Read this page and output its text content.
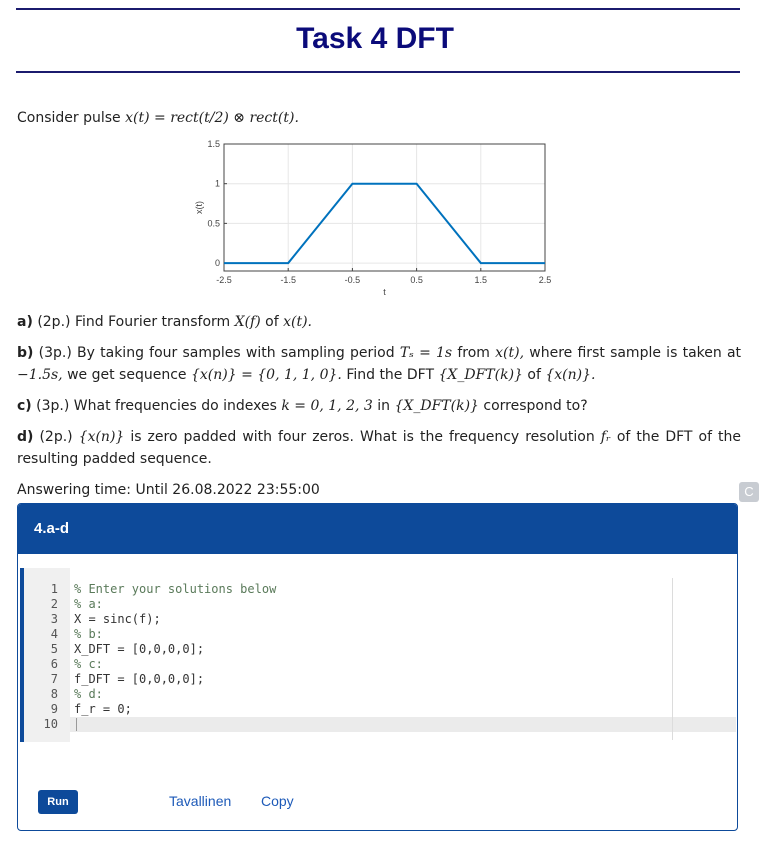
Task 4 DFT
Consider pulse x(t) = rect(t/2) ⊗ rect(t).
-2.5	-1.5	-0.5	0.5	1.5	2.5
0
0.5
1
1.5
t
x(t)
a) (2p.) Find Fourier transform X(f) of x(t).
b) (3p.) By taking four samples with sampling period Tₛ = 1s from x(t), where first sample is taken at −1.5s, we get sequence {x(n)} = {0, 1, 1, 0}. Find the DFT {X_DFT(k)} of {x(n)}.
c) (3p.) What frequencies do indexes k = 0, 1, 2, 3 in {X_DFT(k)} correspond to?
d) (2p.) {x(n)} is zero padded with four zeros. What is the frequency resolution fᵣ of the DFT of the resulting padded sequence.
Answering time: Until 26.08.2022 23:55:00	C
4.a-d
1
2
3
4
5
6
7
8
9
10
% Enter your solutions below
% a:
X = sinc(f);
% b:
X_DFT = [0,0,0,0];
% c:
f_DFT = [0,0,0,0];
% d:
f_r = 0;
Run	Tavallinen Copy
